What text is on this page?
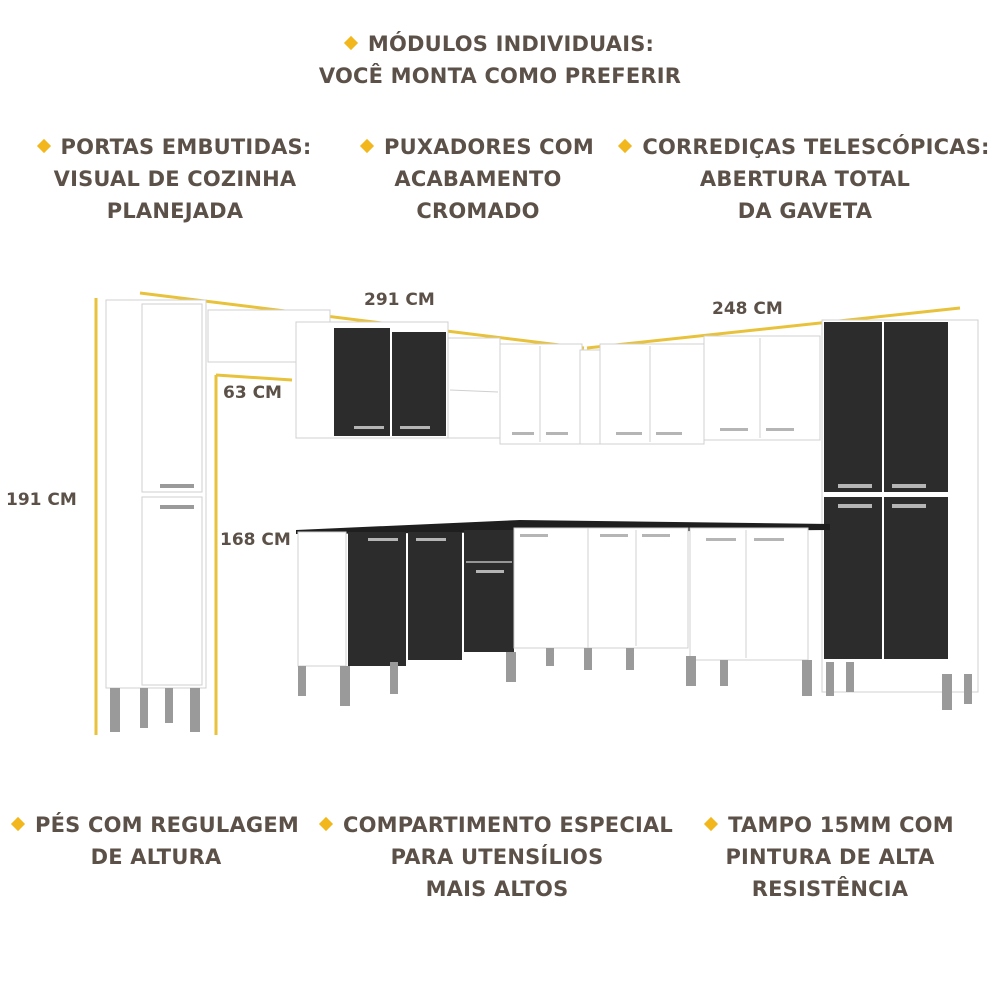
MÓDULOS INDIVIDUAIS:
VOCÊ MONTA COMO PREFERIR
PORTAS EMBUTIDAS:
VISUAL DE COZINHA
PLANEJADA
PUXADORES COM
ACABAMENTO
CROMADO
CORREDIÇAS TELESCÓPICAS:
ABERTURA TOTAL
DA GAVETA
291 CM	248 CM
191 CM
168 CM
63 CM
PÉS COM REGULAGEM
DE ALTURA
COMPARTIMENTO ESPECIAL
PARA UTENSÍLIOS
MAIS ALTOS
TAMPO 15MM COM
PINTURA DE ALTA
RESISTÊNCIA
